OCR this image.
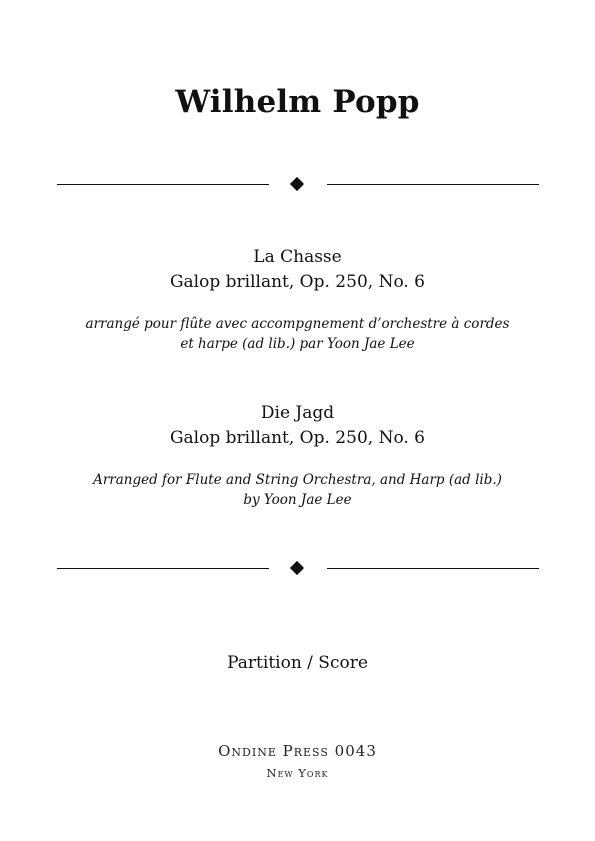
Wilhelm Popp
La Chasse
Galop brillant, Op. 250, No. 6
arrangé pour flûte avec accompgnement d’orchestre à cordes
et harpe (ad lib.) par Yoon Jae Lee
Die Jagd
Galop brillant, Op. 250, No. 6
Arranged for Flute and String Orchestra, and Harp (ad lib.)
by Yoon Jae Lee
Partition / Score
Ondine Press 0043
New York
